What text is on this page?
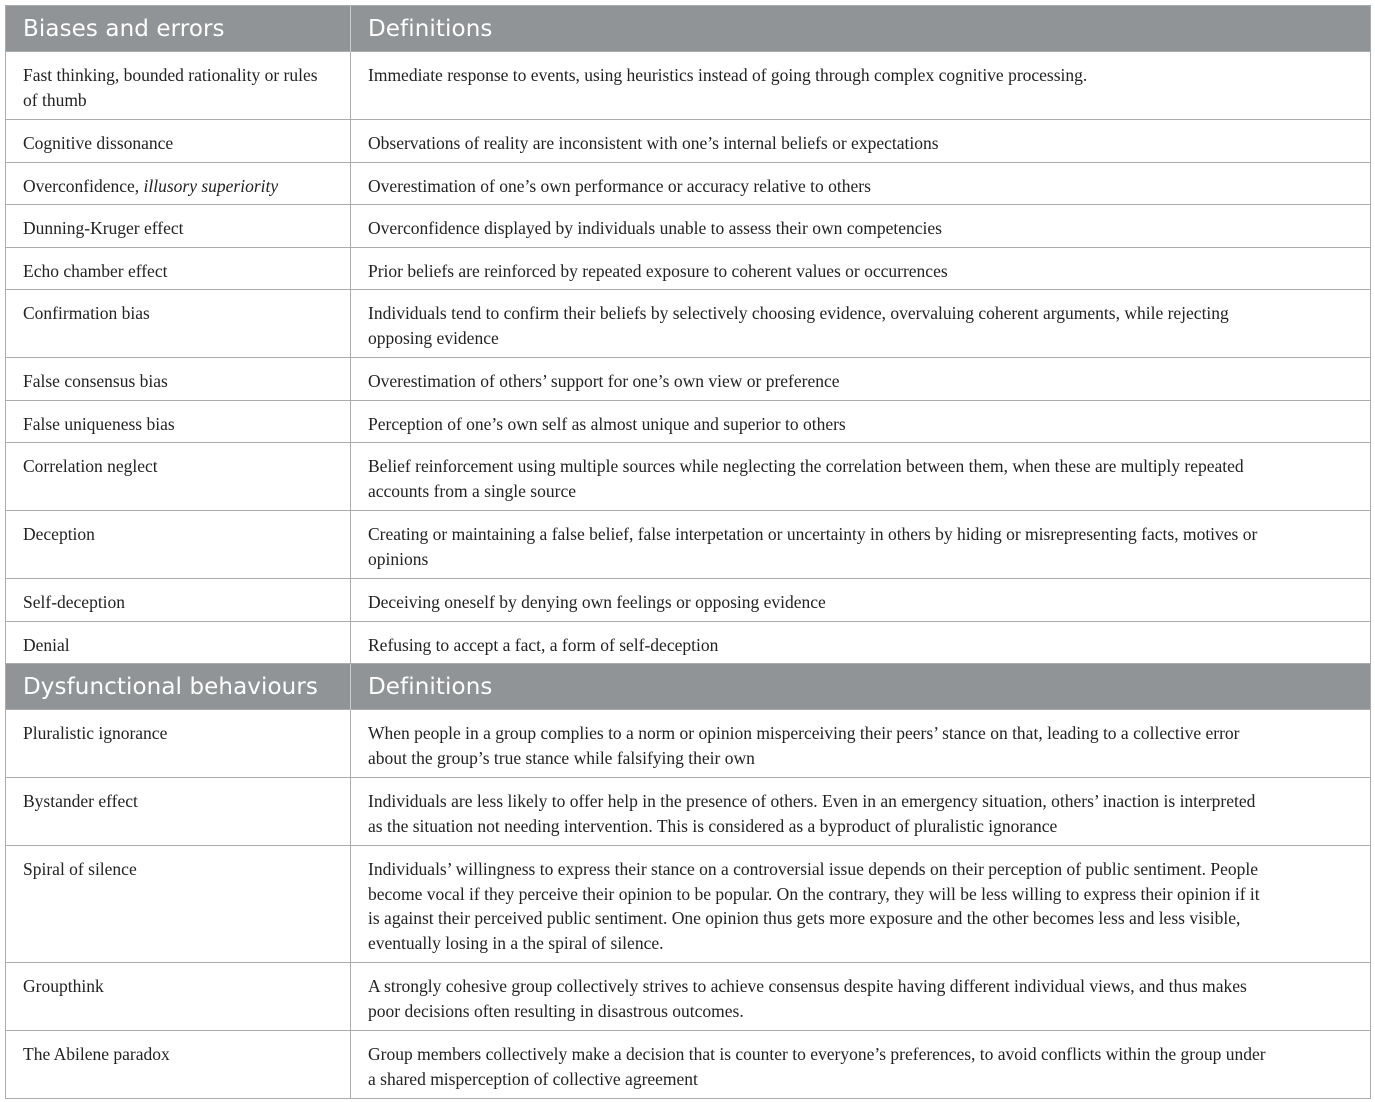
Biases and errors	Definitions
Fast thinking, bounded rationality or rules of thumb	Immediate response to events, using heuristics instead of going through complex cognitive processing.
Cognitive dissonance	Observations of reality are inconsistent with one’s internal beliefs or expectations
Overconfidence, illusory superiority	Overestimation of one’s own performance or accuracy relative to others
Dunning-Kruger effect	Overconfidence displayed by individuals unable to assess their own competencies
Echo chamber effect	Prior beliefs are reinforced by repeated exposure to coherent values or occurrences
Confirmation bias	Individuals tend to confirm their beliefs by selectively choosing evidence, overvaluing coherent arguments, while rejecting opposing evidence
False consensus bias	Overestimation of others’ support for one’s own view or preference
False uniqueness bias	Perception of one’s own self as almost unique and superior to others
Correlation neglect	Belief reinforcement using multiple sources while neglecting the correlation between them, when these are multiply repeated accounts from a single source
Deception	Creating or maintaining a false belief, false interpetation or uncertainty in others by hiding or misrepresenting facts, motives or opinions
Self-deception	Deceiving oneself by denying own feelings or opposing evidence
Denial	Refusing to accept a fact, a form of self-deception
Dysfunctional behaviours	Definitions
Pluralistic ignorance	When people in a group complies to a norm or opinion misperceiving their peers’ stance on that, leading to a collective error about the group’s true stance while falsifying their own
Bystander effect	Individuals are less likely to offer help in the presence of others. Even in an emergency situation, others’ inaction is interpreted as the situation not needing intervention. This is considered as a byproduct of pluralistic ignorance
Spiral of silence	Individuals’ willingness to express their stance on a controversial issue depends on their perception of public sentiment. People become vocal if they perceive their opinion to be popular. On the contrary, they will be less willing to express their opinion if it is against their perceived public sentiment. One opinion thus gets more exposure and the other becomes less and less visible, eventually losing in a the spiral of silence.
Groupthink	A strongly cohesive group collectively strives to achieve consensus despite having different individual views, and thus makes poor decisions often resulting in disastrous outcomes.
The Abilene paradox	Group members collectively make a decision that is counter to everyone’s preferences, to avoid conflicts within the group under a shared misperception of collective agreement
